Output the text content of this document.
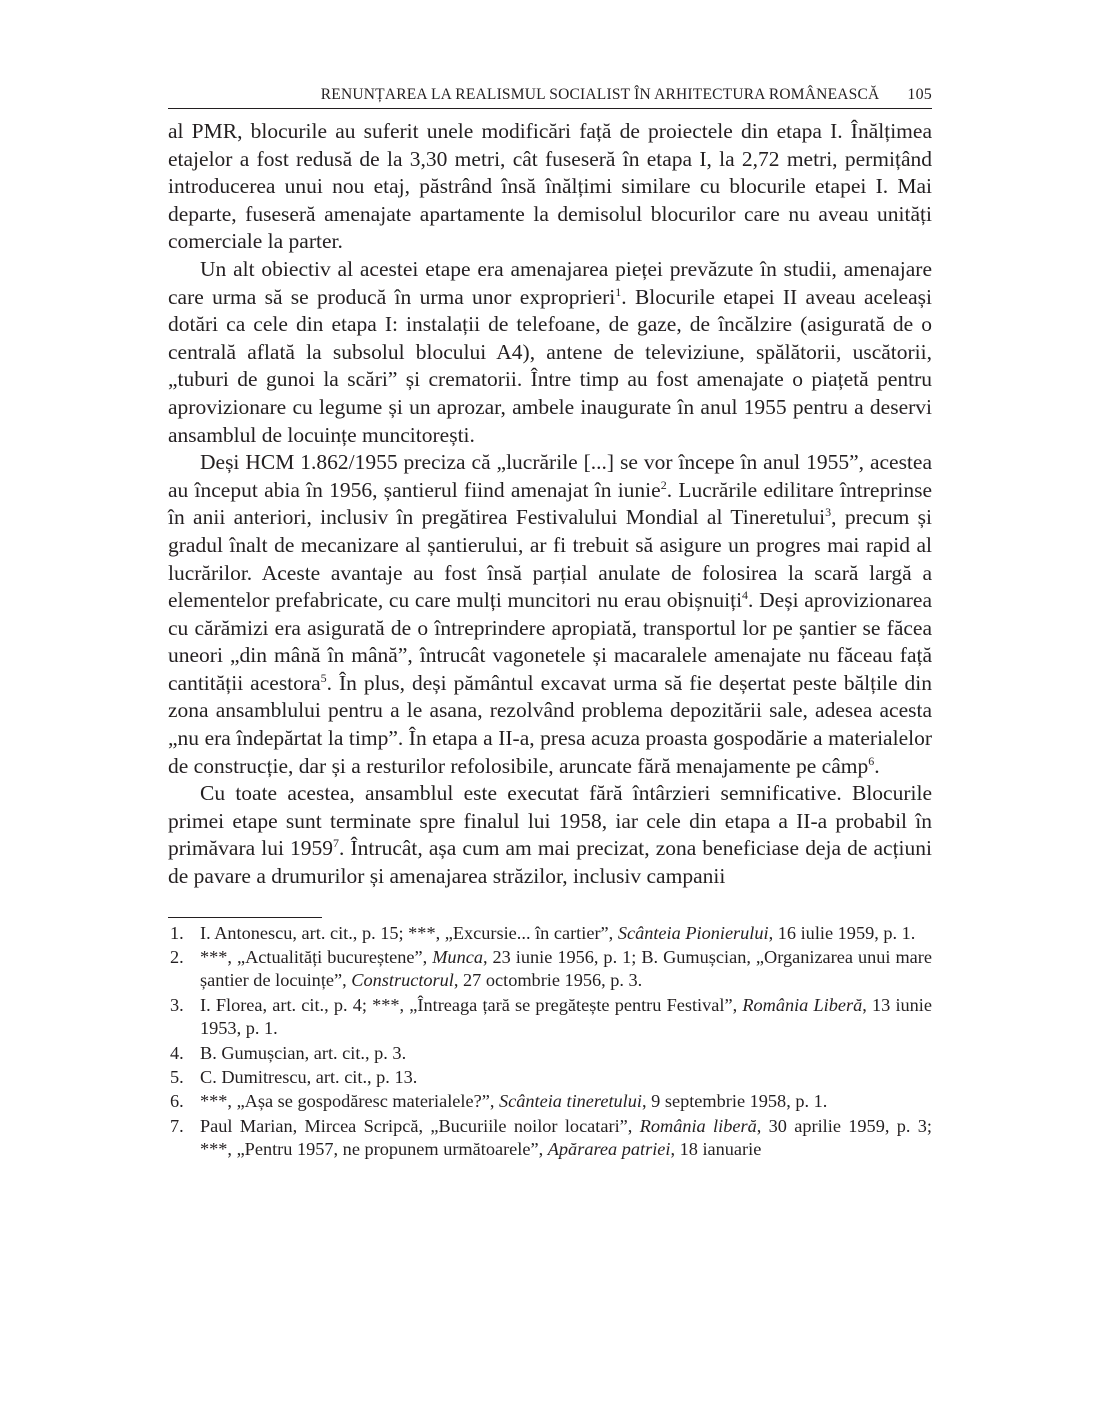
RENUNȚAREA LA REALISMUL SOCIALIST ÎN ARHITECTURA ROMÂNEASCĂ 105

al PMR, blocurile au suferit unele modificări față de proiectele din etapa I. Înălțimea etajelor a fost redusă de la 3,30 metri, cât fuseseră în etapa I, la 2,72 metri, permițând introducerea unui nou etaj, păstrând însă înălțimi similare cu blocurile etapei I. Mai departe, fuseseră amenajate apartamente la demisolul blocurilor care nu aveau unități comerciale la parter.

Un alt obiectiv al acestei etape era amenajarea pieței prevăzute în studii, amenajare care urma să se producă în urma unor exproprieri$^1$. Blocurile etapei II aveau aceleași dotări ca cele din etapa I: instalații de telefoane, de gaze, de încălzire (asigurată de o centrală aflată la subsolul blocului A4), antene de televiziune, spălătorii, uscătorii, „tuburi de gunoi la scări” și crematorii. Între timp au fost amenajate o piațetă pentru aprovizionare cu legume și un aprozar, ambele inaugurate în anul 1955 pentru a deservi ansamblul de locuințe muncitorești.

Deși HCM 1.862/1955 preciza că „lucrările [...] se vor începe în anul 1955”, acestea au început abia în 1956, șantierul fiind amenajat în iunie$^2$. Lucrările edilitare întreprinse în anii anteriori, inclusiv în pregătirea Festivalului Mondial al Tineretului$^3$, precum și gradul înalt de mecanizare al șantierului, ar fi trebuit să asigure un progres mai rapid al lucrărilor. Aceste avantaje au fost însă parțial anulate de folosirea la scară largă a elementelor prefabricate, cu care mulți muncitori nu erau obișnuiți$^4$. Deși aprovizionarea cu cărămizi era asigurată de o întreprindere apropiată, transportul lor pe șantier se făcea uneori „din mână în mână”, întrucât vagonetele și macaralele amenajate nu făceau față cantității acestora$^5$. În plus, deși pământul excavat urma să fie deșertat peste bălțile din zona ansamblului pentru a le asana, rezolvând problema depozitării sale, adesea acesta „nu era îndepărtat la timp”. În etapa a II-a, presa acuza proasta gospodărie a materialelor de construcție, dar și a resturilor refolosibile, aruncate fără menajamente pe câmp$^6$.

Cu toate acestea, ansamblul este executat fără întârzieri semnificative. Blocurile primei etape sunt terminate spre finalul lui 1958, iar cele din etapa a II-a probabil în primăvara lui 1959$^7$. Întrucât, așa cum am mai precizat, zona beneficiase deja de acțiuni de pavare a drumurilor și amenajarea străzilor, inclusiv campanii

1. I. Antonescu, art. cit., p. 15; ***, „Excursie... în cartier”, Scânteia Pionierului, 16 iulie 1959, p. 1.
2. ***, „Actualități bucureștene”, Munca, 23 iunie 1956, p. 1; B. Gumușcian, „Organizarea unui mare șantier de locuințe”, Constructorul, 27 octombrie 1956, p. 3.
3. I. Florea, art. cit., p. 4; ***, „Întreaga țară se pregătește pentru Festival”, România Liberă, 13 iunie 1953, p. 1.
4. B. Gumușcian, art. cit., p. 3.
5. C. Dumitrescu, art. cit., p. 13.
6. ***, „Așa se gospodăresc materialele?”, Scânteia tineretului, 9 septembrie 1958, p. 1.
7. Paul Marian, Mircea Scripcă, „Bucuriile noilor locatari”, România liberă, 30 aprilie 1959, p. 3; ***, „Pentru 1957, ne propunem următoarele”, Apărarea patriei, 18 ianuarie
